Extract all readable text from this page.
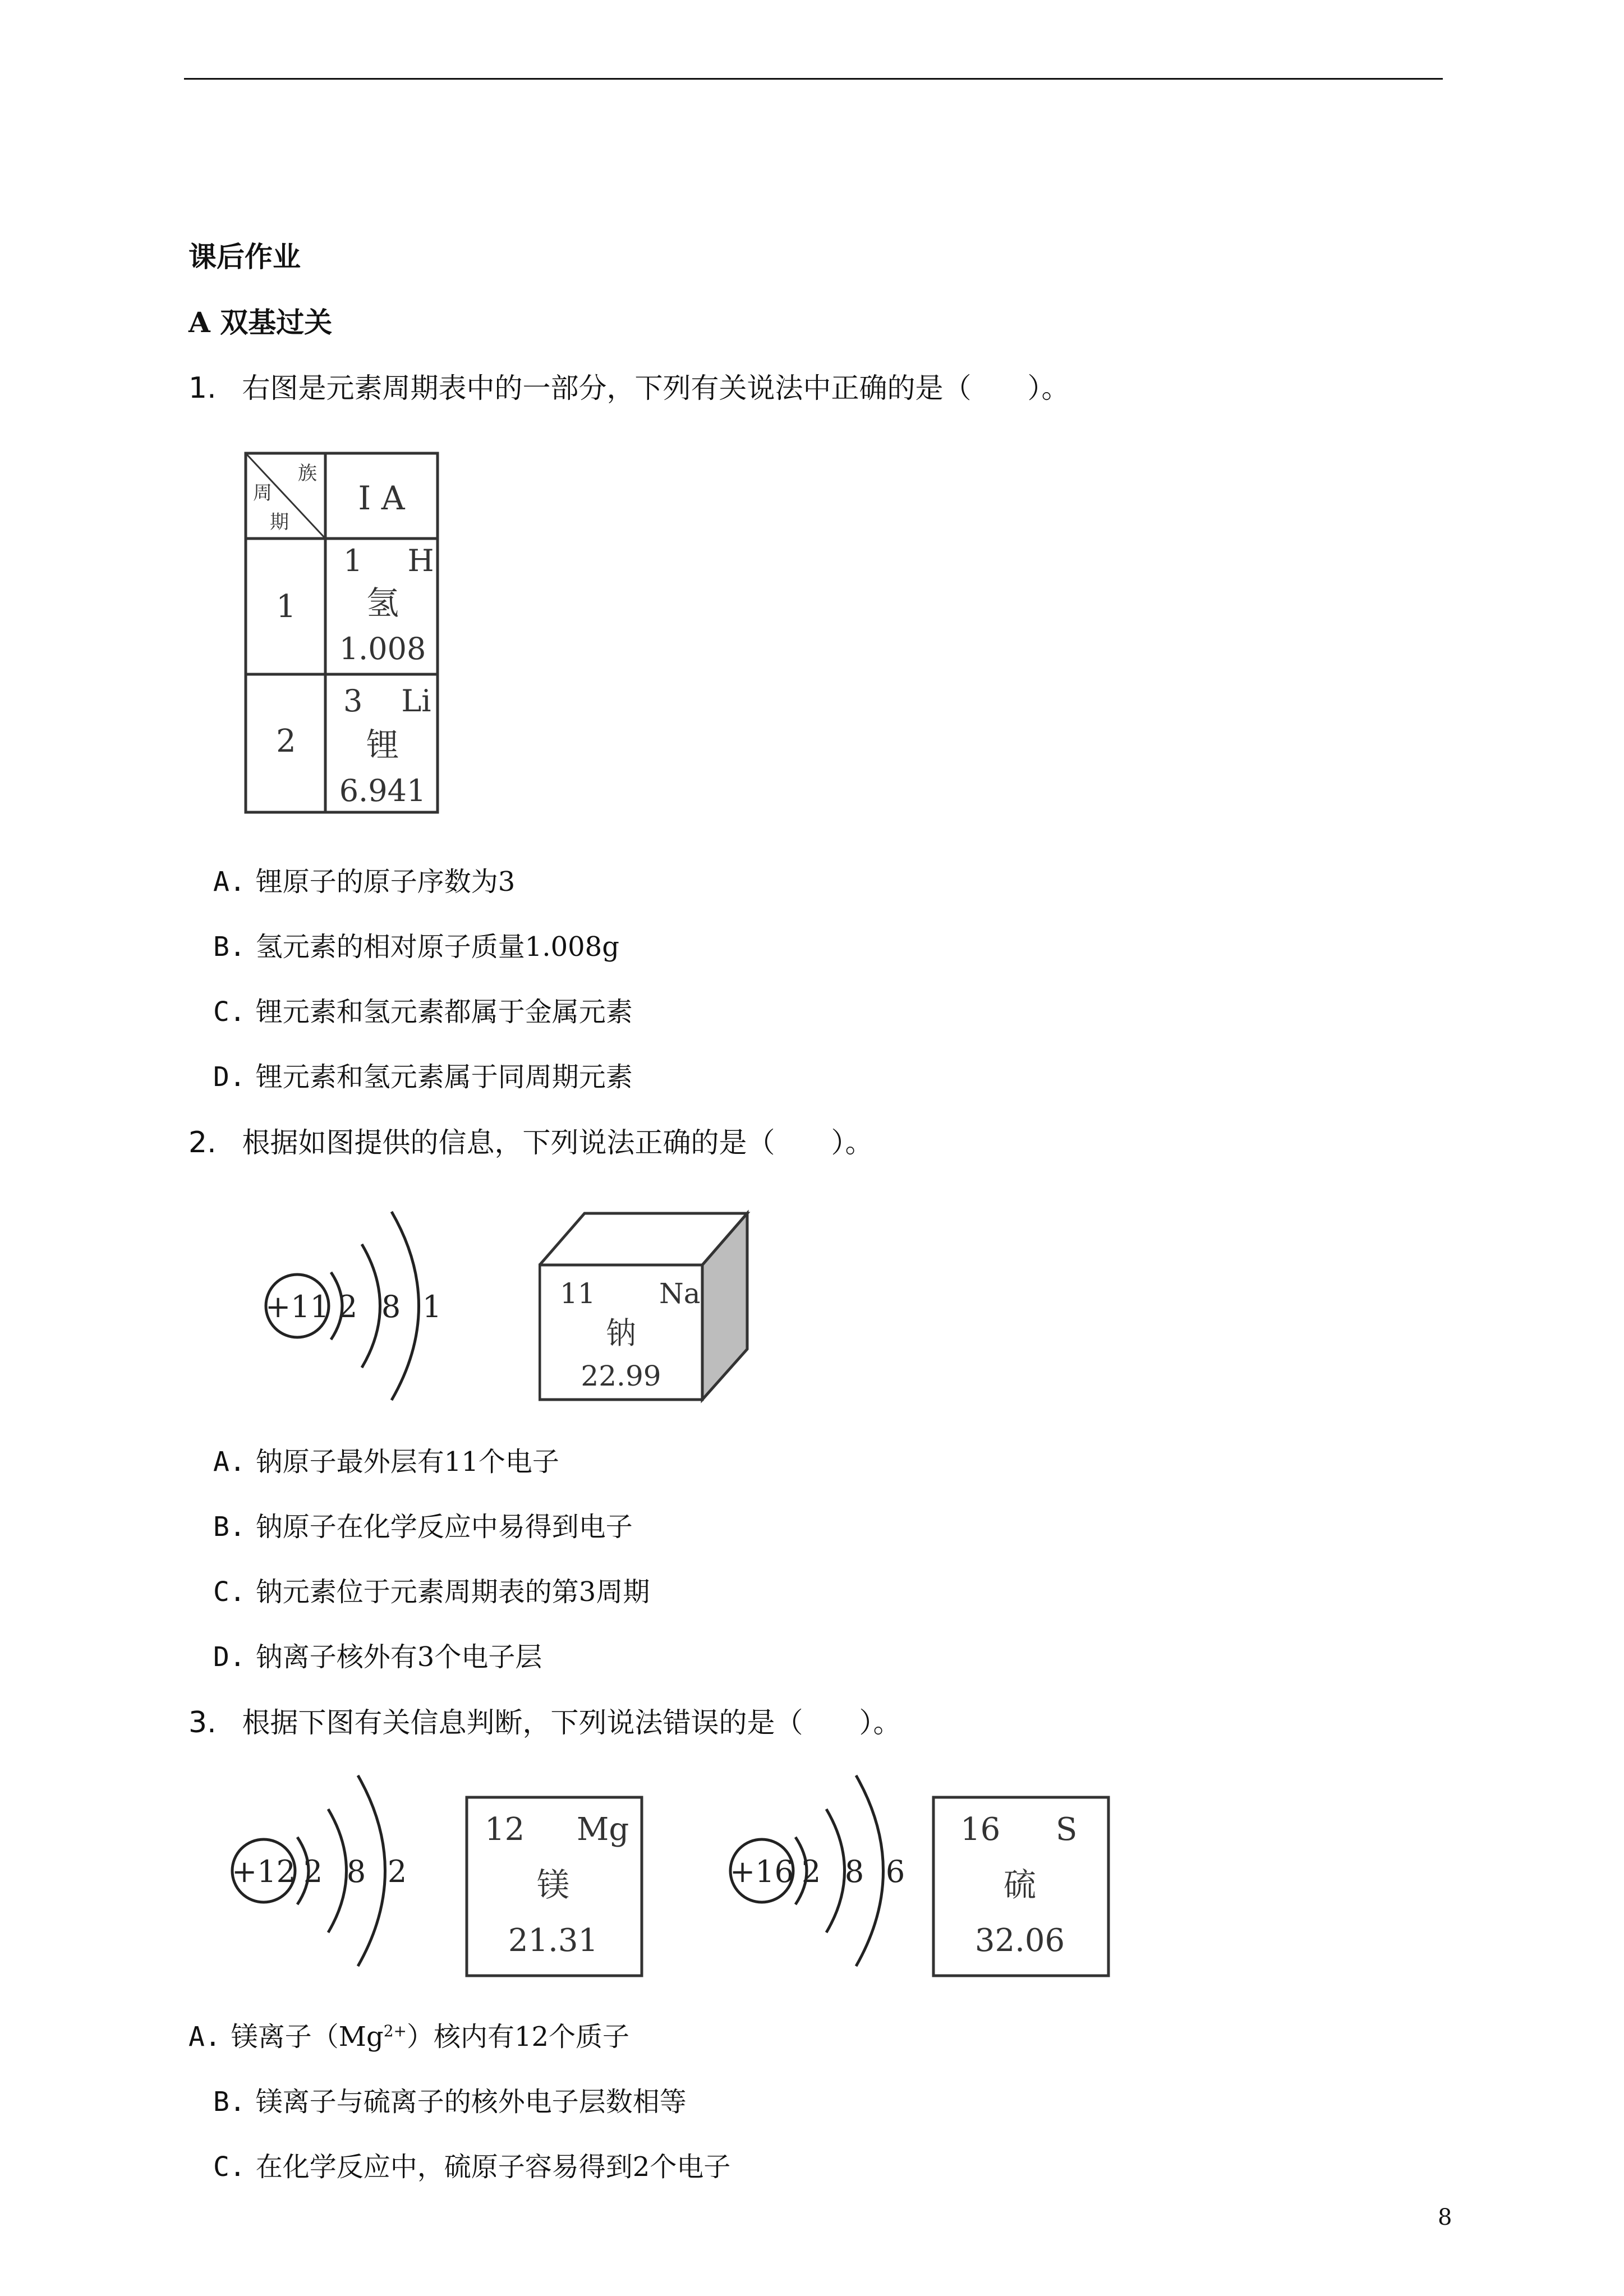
课后作业
A 双基过关
1. 右图是元素周期表中的一部分，下列有关说法中正确的是（　　）。
族
周
期
I A
1
1 H
氢
1.008
2
3 Li
锂
6.941
A. 锂原子的原子序数为3
B. 氢元素的相对原子质量1.008g
C. 锂元素和氢元素都属于金属元素
D. 锂元素和氢元素属于同周期元素
2. 根据如图提供的信息，下列说法正确的是（　　）。
+11 2 8 1	11 Na
钠
22.99
A. 钠原子最外层有11个电子
B. 钠原子在化学反应中易得到电子
C. 钠元素位于元素周期表的第3周期
D. 钠离子核外有3个电子层
3. 根据下图有关信息判断，下列说法错误的是（　　）。
+12 2 8 2
12 Mg
镁
21.31
+16 2 8 6
16 S
硫
32.06
A. 镁离子$(Mg^{2+})$核内有12个质子
B. 镁离子与硫离子的核外电子层数相等
C. 在化学反应中，硫原子容易得到2个电子
8
